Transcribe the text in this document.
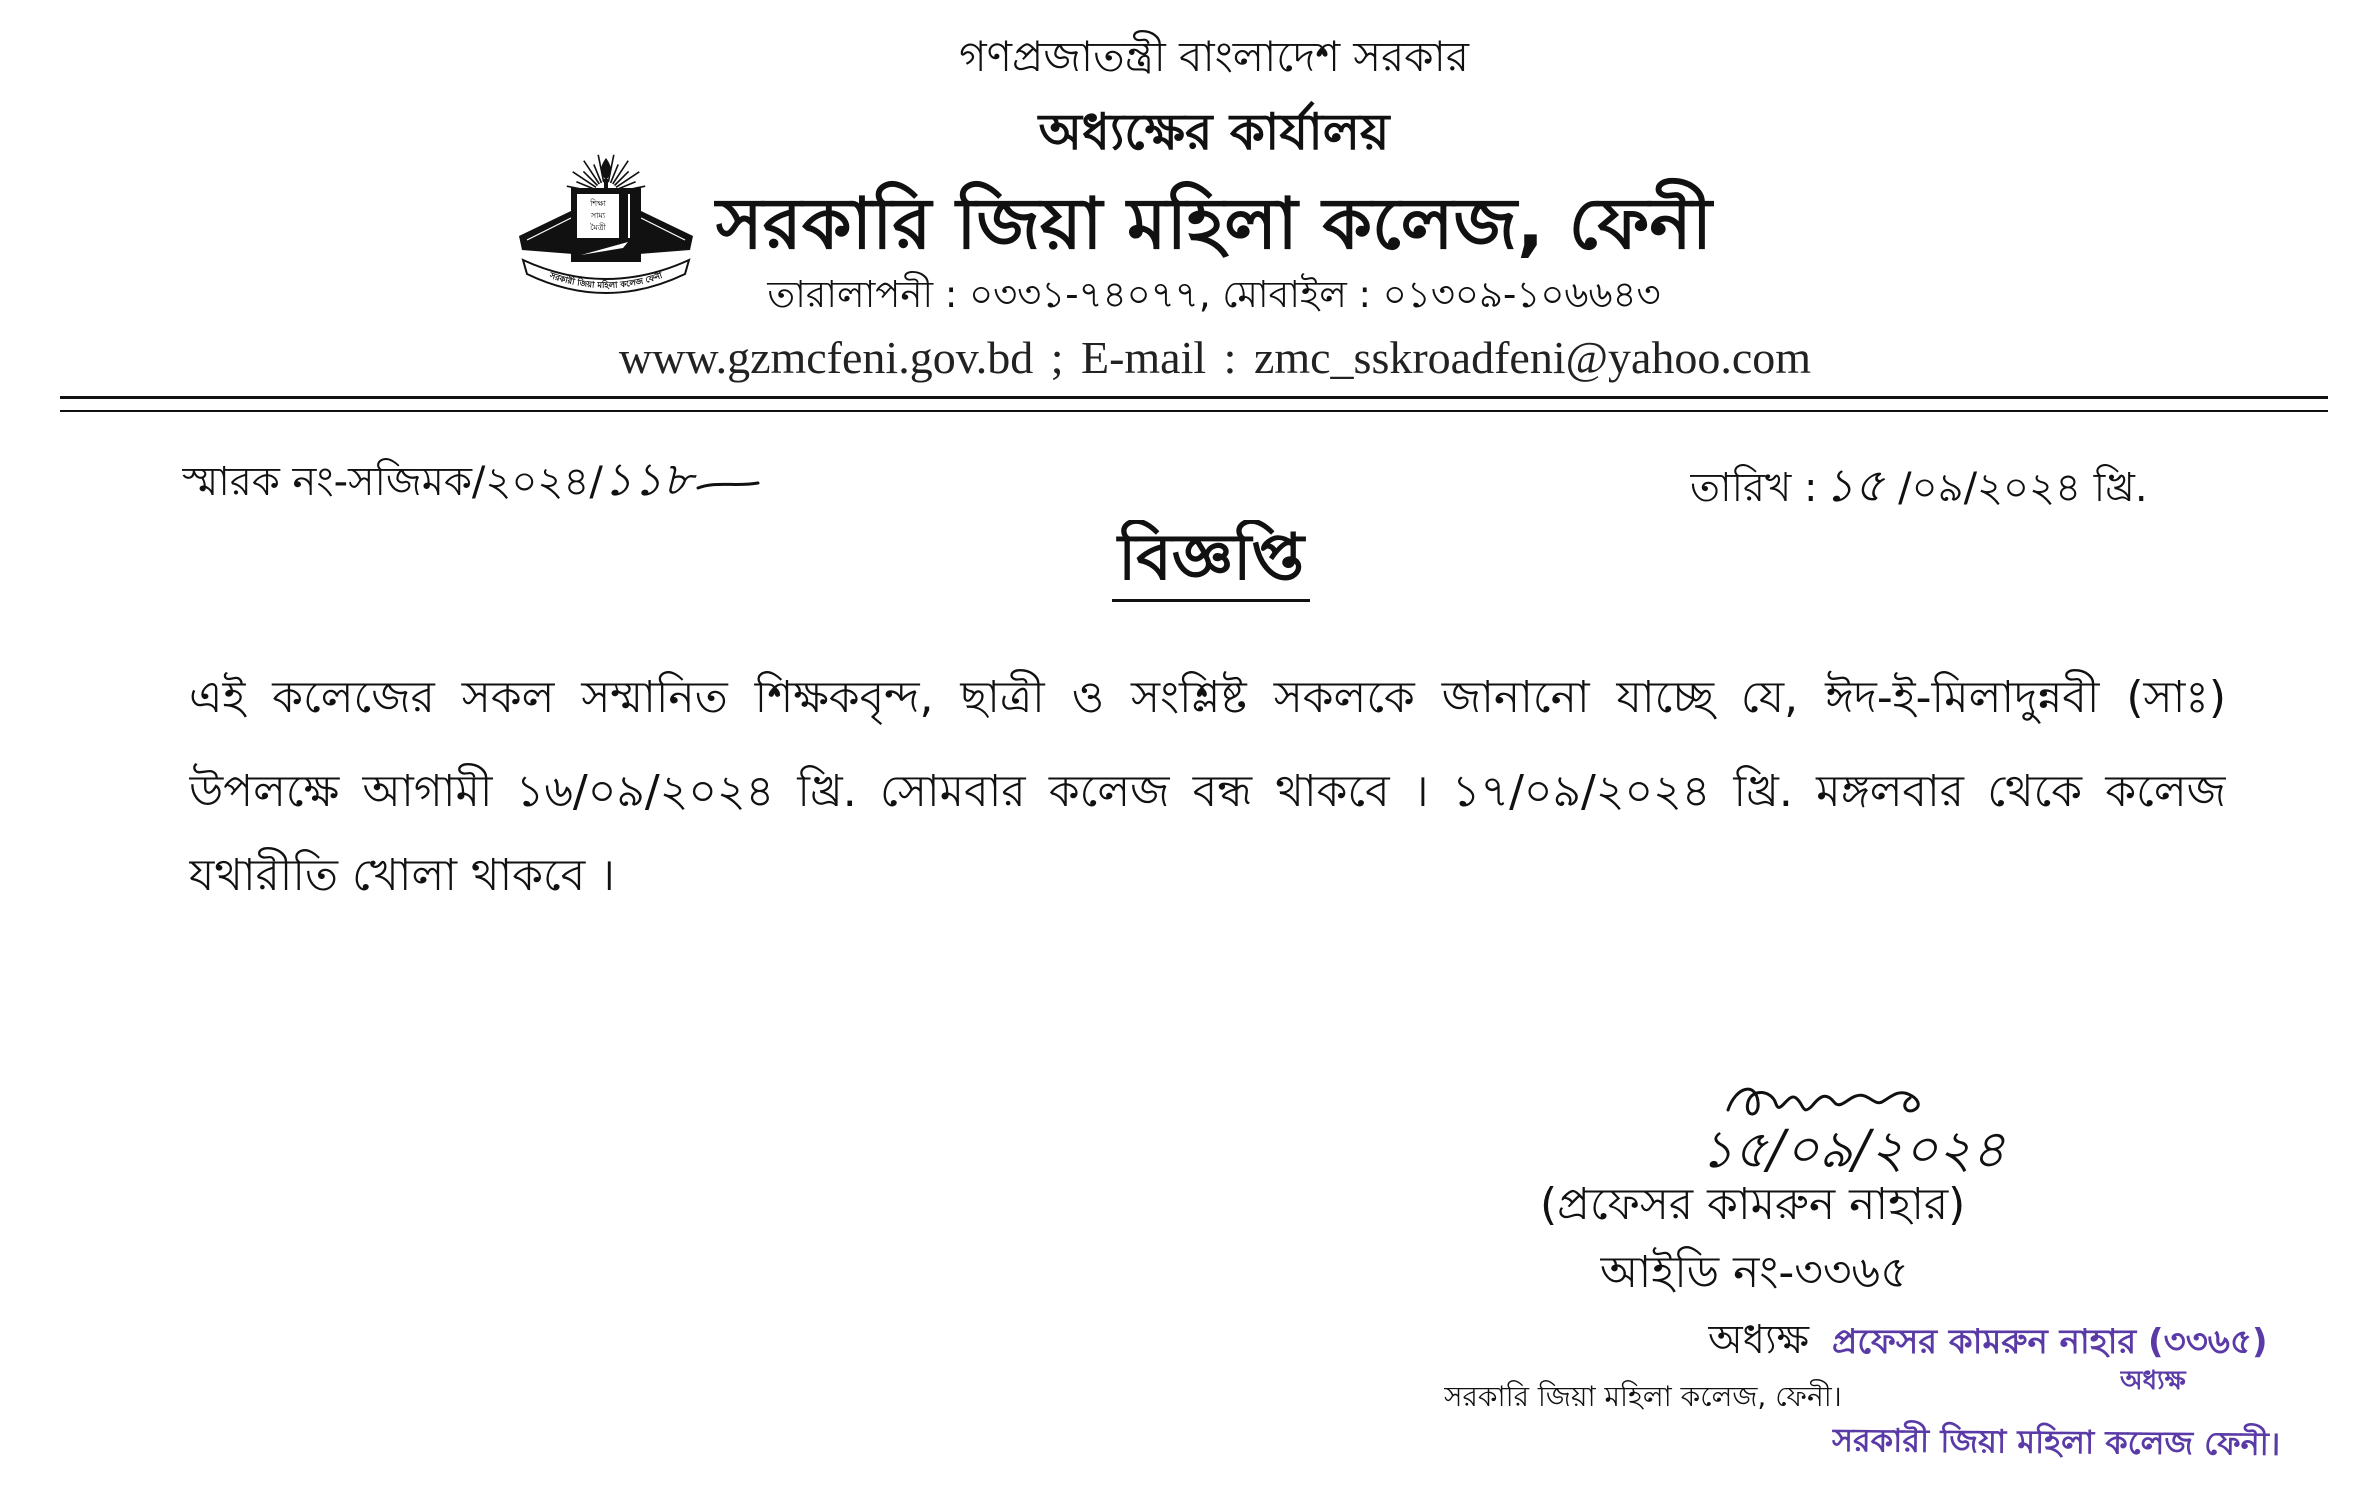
গণপ্রজাতন্ত্রী বাংলাদেশ সরকার
অধ্যক্ষের কার্যালয়
শিক্ষা
সাম্য
মৈত্রী
সরকারী জিয়া মহিলা কলেজ ফেনী
সরকারি জিয়া মহিলা কলেজ, ফেনী
তারালাপনী : ০৩৩১-৭৪০৭৭, মোবাইল : ০১৩০৯-১০৬৬৪৩
www.gzmcfeni.gov.bd ; E-mail : zmc_sskroadfeni@yahoo.com
স্মারক নং-সজিমক/২০২৪/১১৮	তারিখ : ১৫ /০৯/২০২৪ খ্রি.
বিজ্ঞপ্তি
এই কলেজের সকল সম্মানিত শিক্ষকবৃন্দ, ছাত্রী ও সংশ্লিষ্ট সকলকে জানানো যাচ্ছে যে, ঈদ-ই-মিলাদুন্নবী (সাঃ)
উপলক্ষে আগামী ১৬/০৯/২০২৪ খ্রি. সোমবার কলেজ বন্ধ থাকবে । ১৭/০৯/২০২৪ খ্রি. মঙ্গলবার থেকে কলেজ
যথারীতি খোলা থাকবে ।
১৫/০৯/২০২৪
(প্রফেসর কামরুন নাহার)
আইডি নং-৩৩৬৫
অধ্যক্ষ
সরকারি জিয়া মহিলা কলেজ, ফেনী।
প্রফেসর কামরুন নাহার (৩৩৬৫)
অধ্যক্ষ
সরকারী জিয়া মহিলা কলেজ ফেনী।
